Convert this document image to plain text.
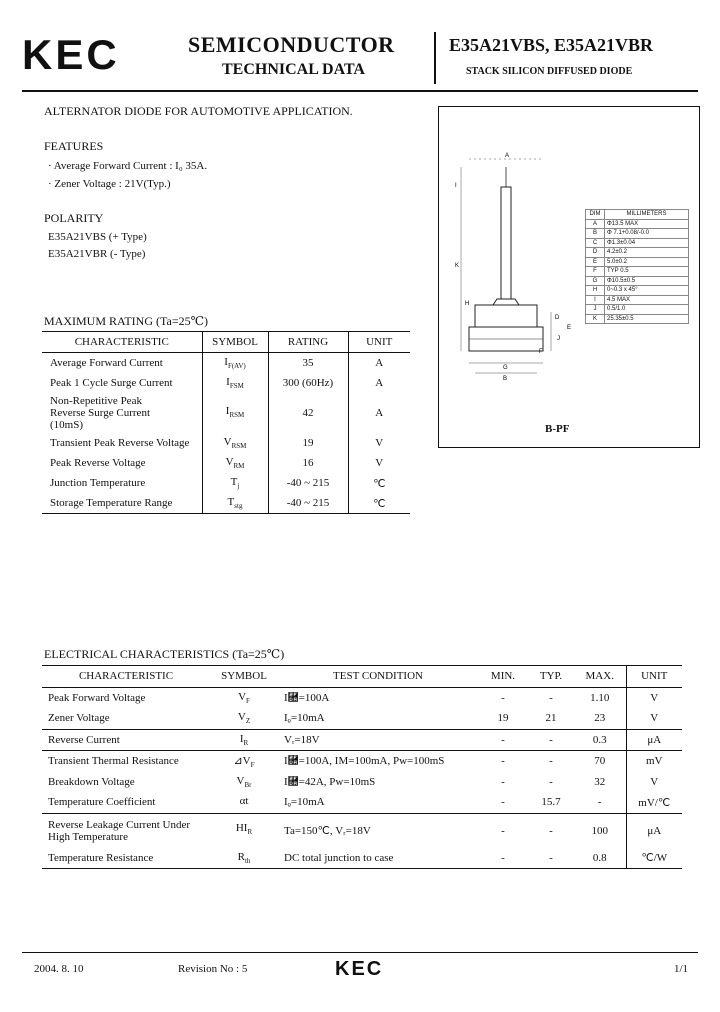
KEC	SEMICONDUCTOR
TECHNICAL DATA
E35A21VBS, E35A21VBR
STACK SILICON DIFFUSED DIODE
ALTERNATOR DIODE FOR AUTOMOTIVE APPLICATION.
FEATURES
· Average Forward Current : I₀ 35A.
· Zener Voltage : 21V(Typ.)
POLARITY
E35A21VBS (+ Type)
E35A21VBR (- Type)
A
I
K
H
F
J
D
E
G
B
DIM	MILLIMETERS
A	Φ13.5 MAX
B	Φ 7.1+0.08/-0.0
C	Φ1.3±0.04
D	4.2±0.2
E	5.0±0.2
F	TYP 0.5
G	Φ10.5±0.5
H	0~0.3 x 45°
I	4.5 MAX
J	0.5/1.0
K	25.35±0.5
B-PF
MAXIMUM RATING (Ta=25℃)
CHARACTERISTIC	SYMBOL	RATING	UNIT
Average Forward Current	$I_{F(AV)}$	35	A
Peak 1 Cycle Surge Current	$I_{FSM}$	300 (60Hz)	A
Non-Repetitive Peak
Reverse Surge Current
(10mS)	$I_{RSM}$	42	A
Transient Peak Reverse Voltage	$V_{RSM}$	19	V
Peak Reverse Voltage	$V_{RM}$	16	V
Junction Temperature	$T_j$	-40 ~ 215	℃
Storage Temperature Range	$T_{stg}$	-40 ~ 215	℃
ELECTRICAL CHARACTERISTICS (Ta=25℃)
CHARACTERISTIC	SYMBOL	TEST CONDITION	MIN.	TYP.	MAX.	UNIT
Peak Forward Voltage	$V_F$	I⿚=100A	-	-	1.10	V
Zener Voltage	$V_Z$	Iᵨ=10mA	19	21	23	V
Reverse Current	$I_R$	Vᵣ=18V	-	-	0.3	μA
Transient Thermal Resistance	$⊿V_F$	I⿚=100A, IM=100mA, Pw=100mS	-	-	70	mV
Breakdown Voltage	$V_{Br}$	I⿚=42A, Pw=10mS	-	-	32	V
Temperature Coefficient	αt	Iᵨ=10mA	-	15.7	-	mV/℃
Reverse Leakage Current Under
High Temperature	$HI_R$	Ta=150℃, Vᵣ=18V	-	-	100	μA
Temperature Resistance	$R_{th}$	DC total junction to case	-	-	0.8	℃/W
2004. 8. 10	Revision No : 5	KEC	1/1
